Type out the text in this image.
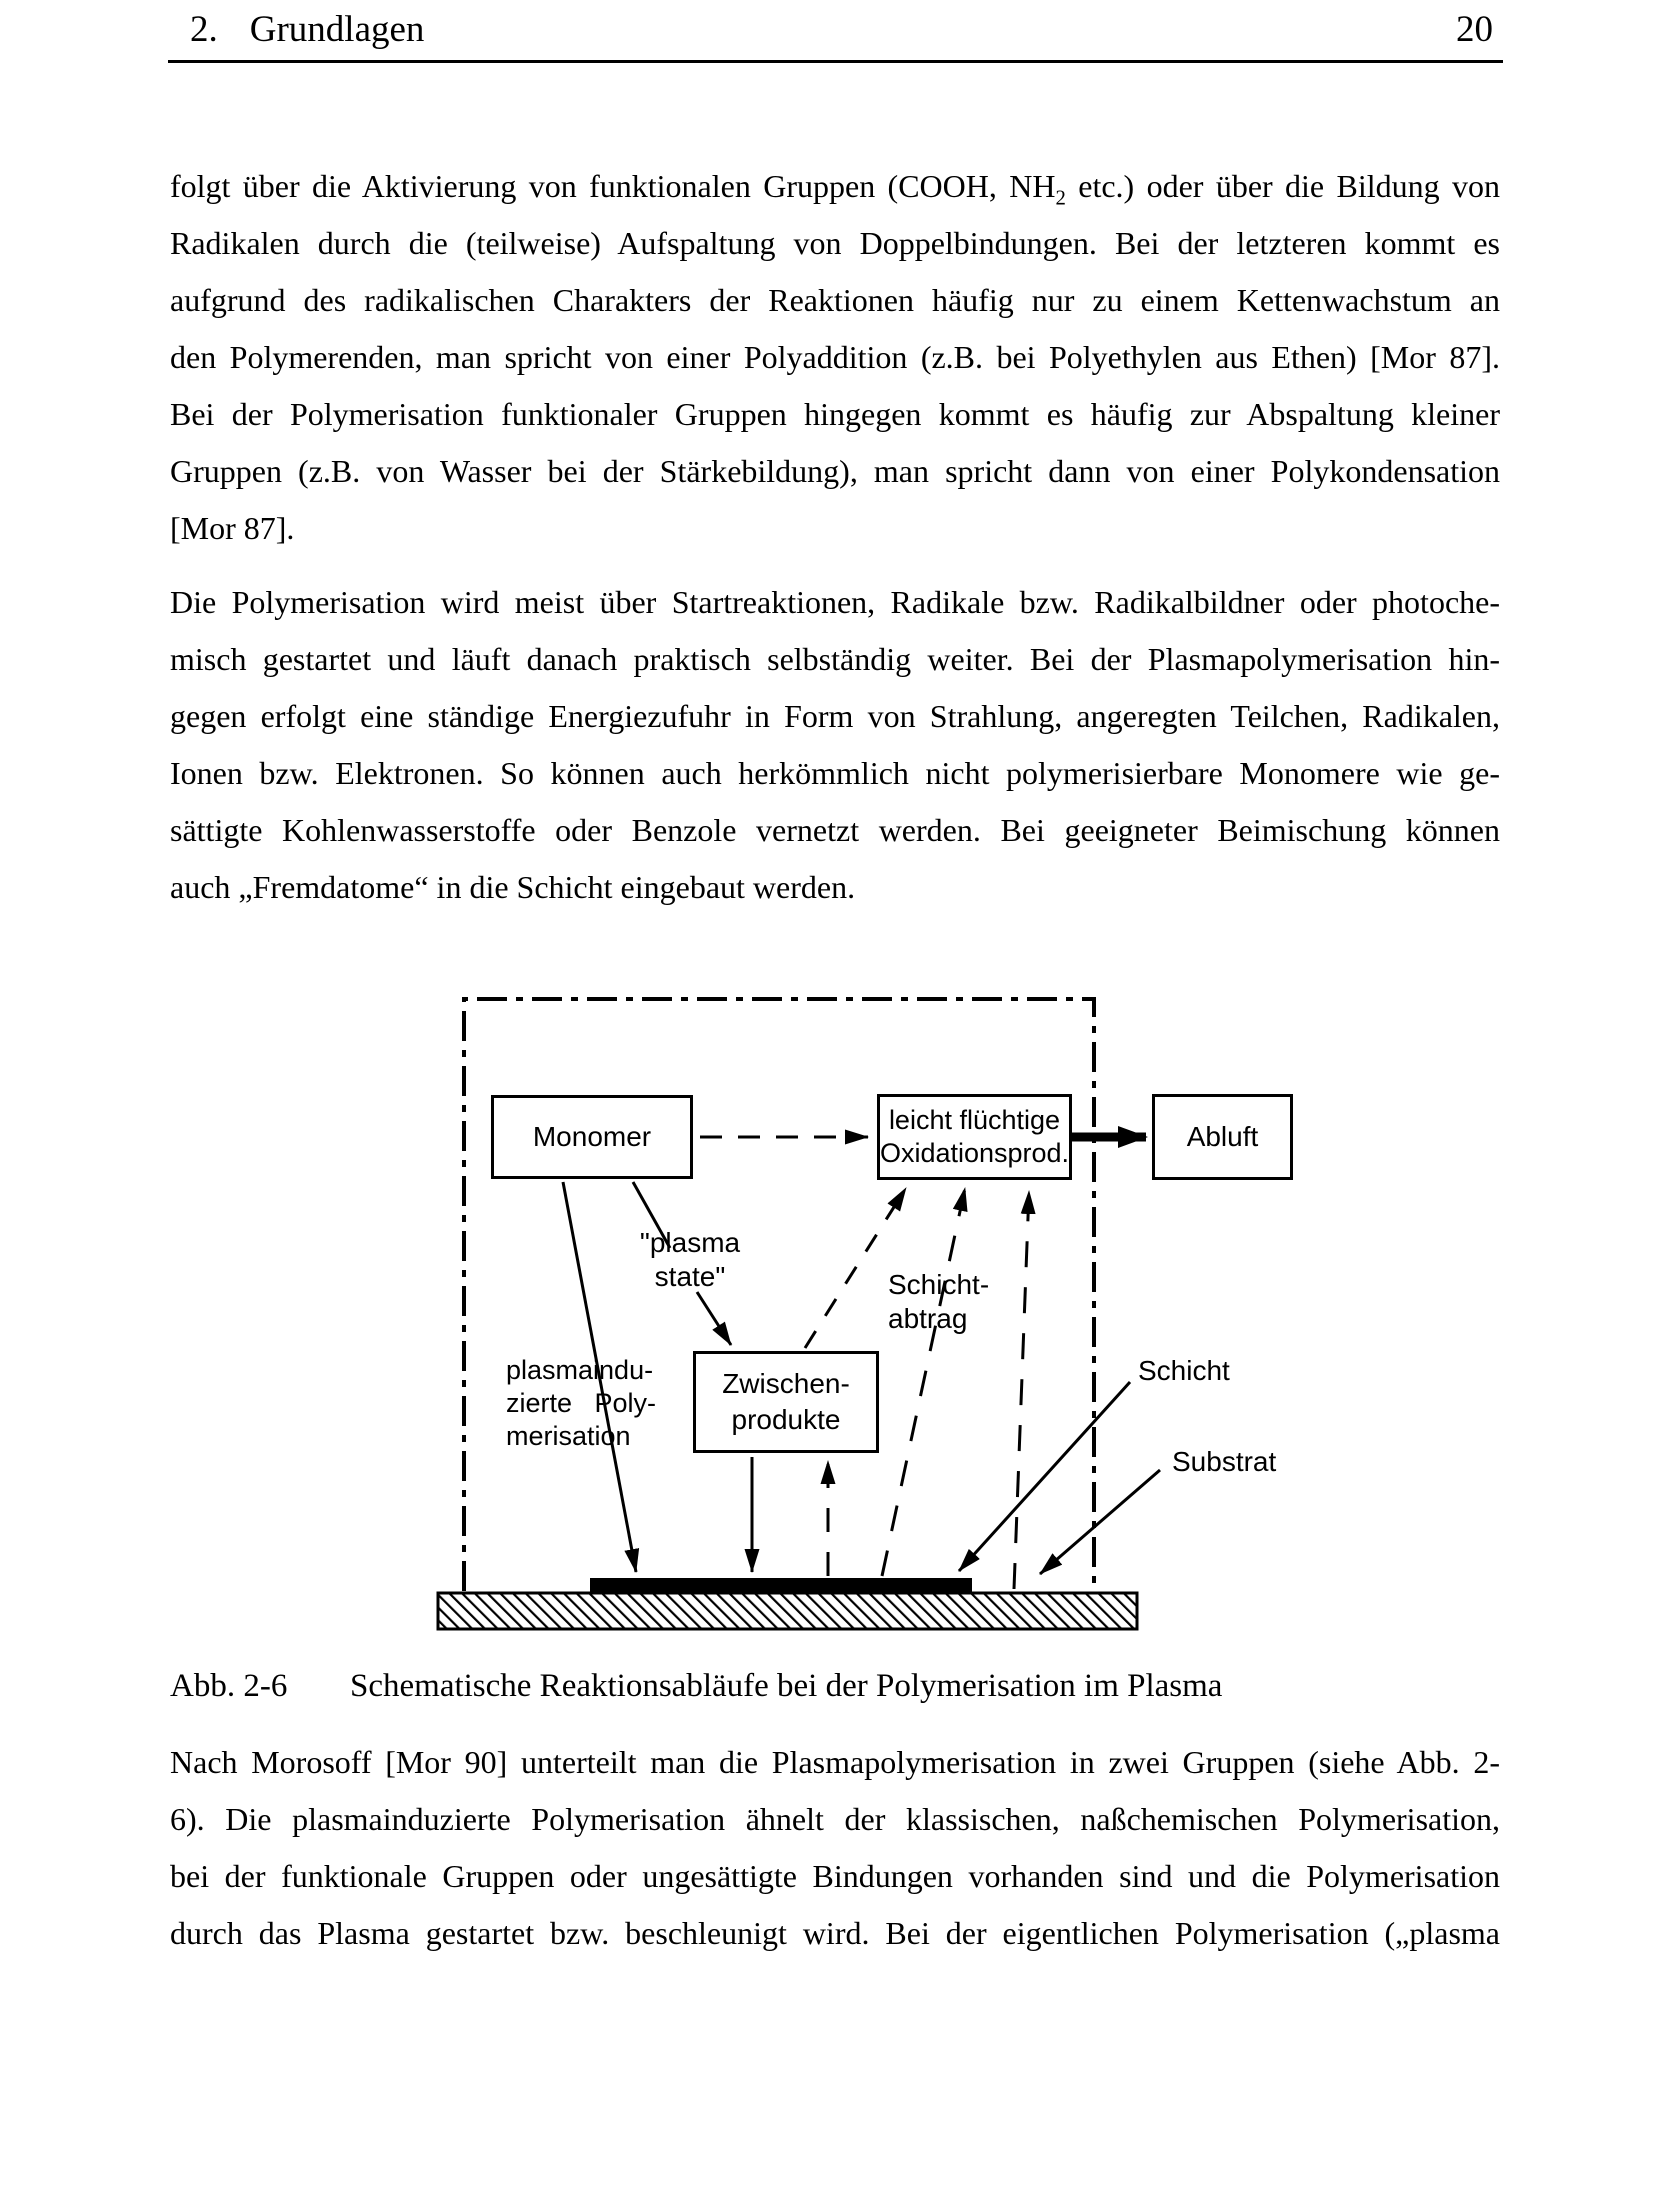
2. Grundlagen	20
folgt über die Aktivierung von funktionalen Gruppen (COOH, $NH_2$ etc.) oder über die Bildung von
Radikalen durch die (teilweise) Aufspaltung von Doppelbindungen. Bei der letzteren kommt es
aufgrund des radikalischen Charakters der Reaktionen häufig nur zu einem Kettenwachstum an
den Polymerenden, man spricht von einer Polyaddition (z.B. bei Polyethylen aus Ethen) [Mor 87].
Bei der Polymerisation funktionaler Gruppen hingegen kommt es häufig zur Abspaltung kleiner
Gruppen (z.B. von Wasser bei der Stärkebildung), man spricht dann von einer Polykondensation
[Mor 87].
Die Polymerisation wird meist über Startreaktionen, Radikale bzw. Radikalbildner oder photoche-
misch gestartet und läuft danach praktisch selbständig weiter. Bei der Plasmapolymerisation hin-
gegen erfolgt eine ständige Energiezufuhr in Form von Strahlung, angeregten Teilchen, Radikalen,
Ionen bzw. Elektronen. So können auch herkömmlich nicht polymerisierbare Monomere wie ge-
sättigte Kohlenwasserstoffe oder Benzole vernetzt werden. Bei geeigneter Beimischung können
auch „Fremdatome“ in die Schicht eingebaut werden.
Nach Morosoff [Mor 90] unterteilt man die Plasmapolymerisation in zwei Gruppen (siehe Abb. 2-
6). Die plasmainduzierte Polymerisation ähnelt der klassischen, naßchemischen Polymerisation,
bei der funktionale Gruppen oder ungesättigte Bindungen vorhanden sind und die Polymerisation
durch das Plasma gestartet bzw. beschleunigt wird. Bei der eigentlichen Polymerisation („plasma
Monomer
leicht flüchtige
Oxidationsprod.
Abluft
Zwischen-
produkte
"plasma
state"
plasmaindu-
zierte Poly-
merisation
Schicht-
abtrag
Schicht
Substrat
Abb. 2-6 Schematische Reaktionsabläufe bei der Polymerisation im Plasma
